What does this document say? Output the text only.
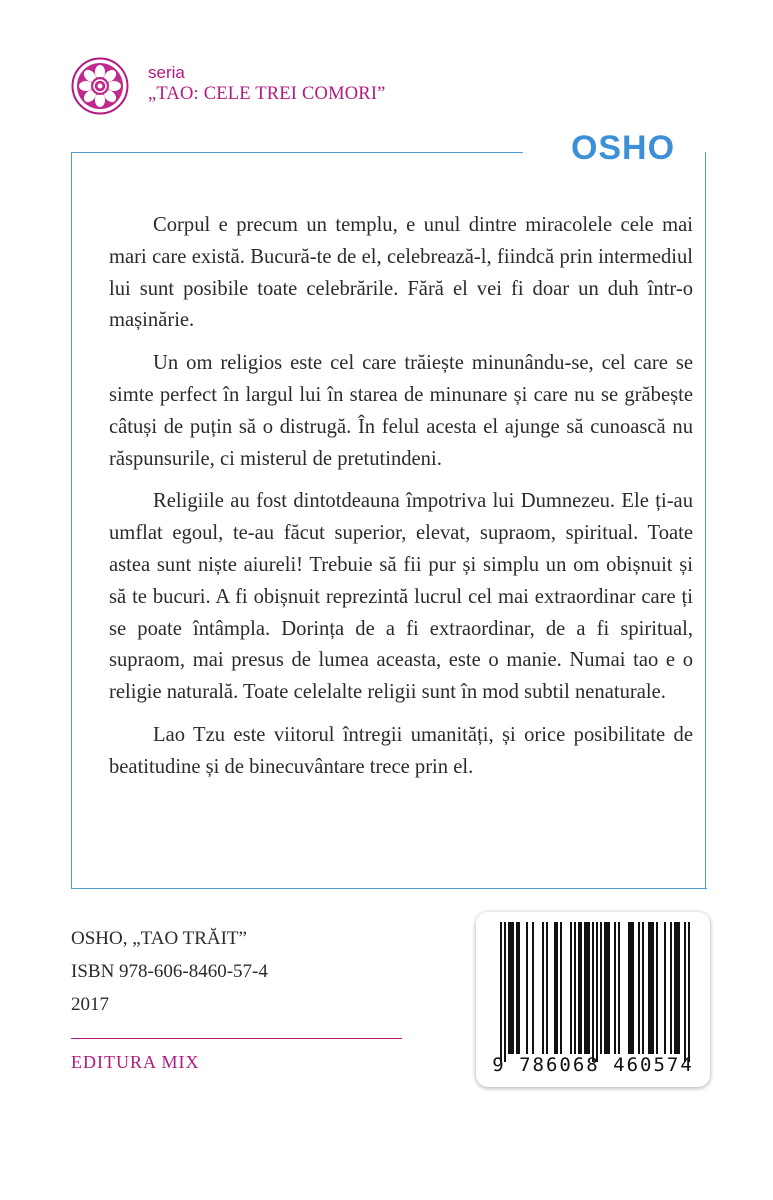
seria
„TAO: CELE TREI COMORI”
OSHO

Corpul e precum un templu, e unul dintre miracolele cele mai mari care există. Bucură-te de el, celebrează-l, fiindcă prin intermediul lui sunt posibile toate celebrările. Fără el vei fi doar un duh într-o mașinărie.

Un om religios este cel care trăiește minunându-se, cel care se simte perfect în largul lui în starea de minunare și care nu se grăbește câtuși de puțin să o distrugă. În felul acesta el ajunge să cunoască nu răspunsurile, ci misterul de pretutindeni.

Religiile au fost dintotdeauna împotriva lui Dumnezeu. Ele ți-au umflat egoul, te-au făcut superior, elevat, supraom, spiritual. Toate astea sunt niște aiureli! Trebuie să fii pur și simplu un om obișnuit și să te bucuri. A fi obișnuit reprezintă lucrul cel mai extraordinar care ți se poate întâmpla. Dorința de a fi extraordinar, de a fi spiritual, supraom, mai presus de lumea aceasta, este o manie. Numai tao e o religie naturală. Toate celelalte religii sunt în mod subtil nenaturale.

Lao Tzu este viitorul întregii umanități, și orice posibilitate de beatitudine și de binecuvântare trece prin el.

OSHO, „TAO TRĂIT”
ISBN 978-606-8460-57-4
2017
EDITURA MIX	9 786068 460574
